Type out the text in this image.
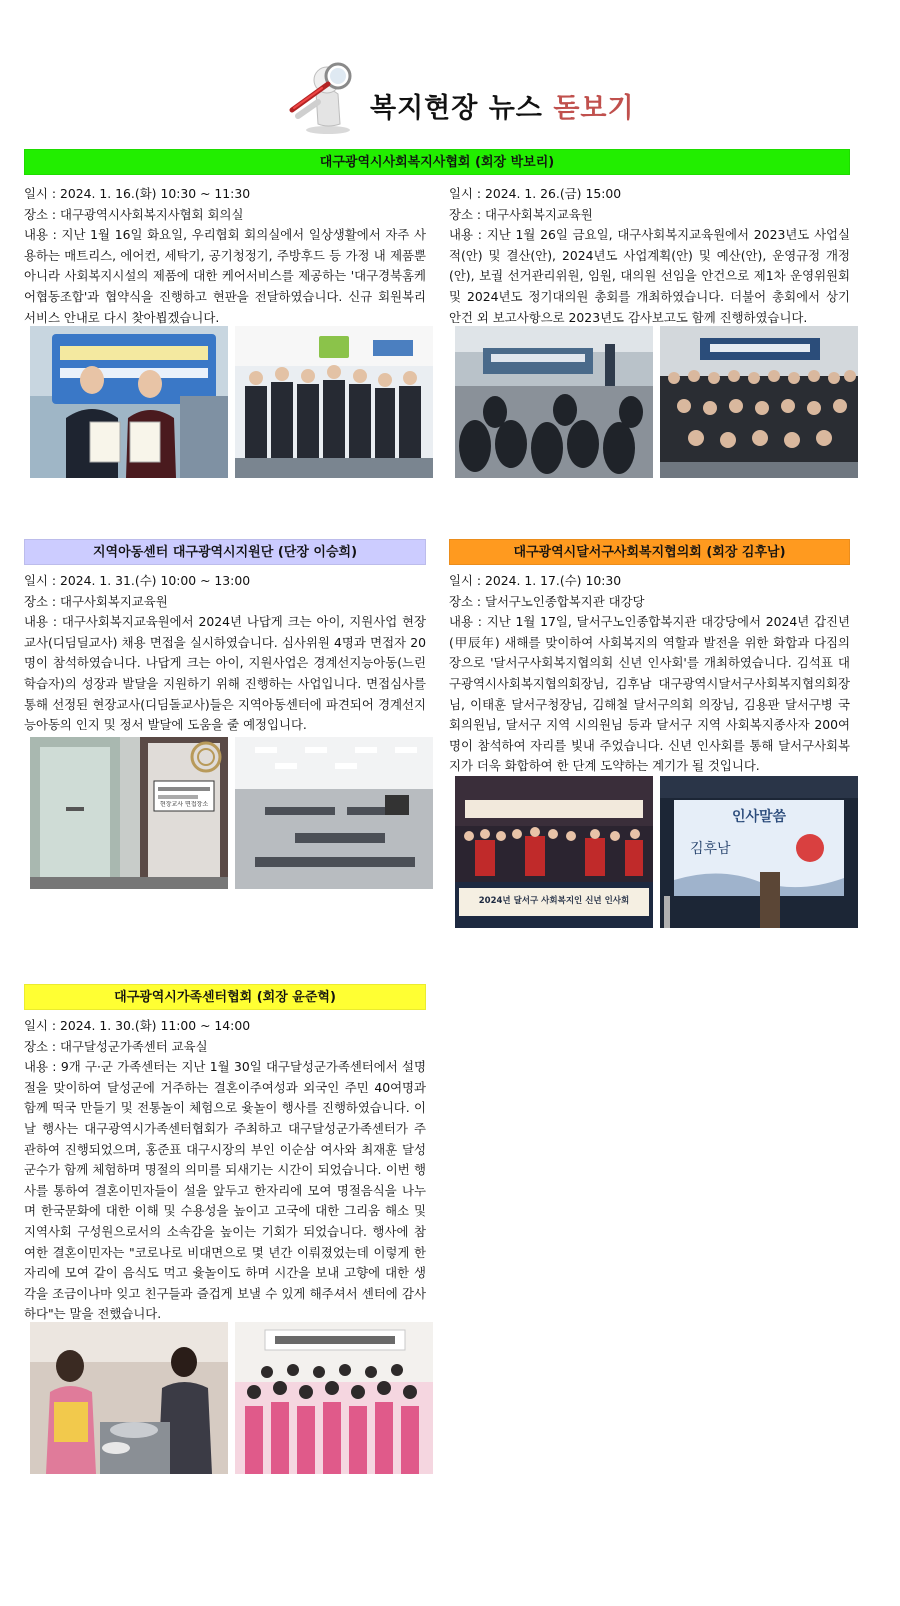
복지현장 뉴스 돋보기
대구광역시사회복지사협회 (회장 박보리)

일시 : 2024. 1. 16.(화) 10:30 ~ 11:30

장소 : 대구광역시사회복지사협회 회의실

내용 : 지난 1월 16일 화요일, 우리협회 회의실에서 일상생활에서 자주 사용하는 매트리스, 에어컨, 세탁기, 공기청정기, 주방후드 등 가정 내 제품뿐 아니라 사회복지시설의 제품에 대한 케어서비스를 제공하는 '대구경북홈케어협동조합'과 협약식을 진행하고 현판을 전달하였습니다. 신규 회원복리 서비스 안내로 다시 찾아뵙겠습니다.

일시 : 2024. 1. 26.(금) 15:00

장소 : 대구사회복지교육원

내용 : 지난 1월 26일 금요일, 대구사회복지교육원에서 2023년도 사업실적(안) 및 결산(안), 2024년도 사업계획(안) 및 예산(안), 운영규정 개정(안), 보궐 선거관리위원, 임원, 대의원 선임을 안건으로 제1차 운영위원회 및 2024년도 정기대의원 총회를 개최하였습니다. 더불어 총회에서 상기 안건 외 보고사항으로 2023년도 감사보고도 함께 진행하였습니다.

지역아동센터 대구광역시지원단 (단장 이승희)

일시 : 2024. 1. 31.(수) 10:00 ~ 13:00

장소 : 대구사회복지교육원

내용 : 대구사회복지교육원에서 2024년 나답게 크는 아이, 지원사업 현장교사(디딤딜교사) 채용 면접을 실시하였습니다. 심사위원 4명과 면접자 20명이 참석하였습니다. 나답게 크는 아이, 지원사업은 경계선지능아동(느린학습자)의 성장과 발달을 지원하기 위해 진행하는 사업입니다. 면접심사를 통해 선정된 현장교사(디딤돌교사)들은 지역아동센터에 파견되어 경계선지능아동의 인지 및 정서 발달에 도움을 줄 예정입니다.

현장교사 면접장소
대구광역시달서구사회복지협의회 (회장 김후남)

일시 : 2024. 1. 17.(수) 10:30

장소 : 달서구노인종합복지관 대강당

내용 : 지난 1월 17일, 달서구노인종합복지관 대강당에서 2024년 갑진년(甲辰年) 새해를 맞이하여 사회복지의 역할과 발전을 위한 화합과 다짐의 장으로 '달서구사회복지협의회 신년 인사회'를 개최하였습니다. 김석표 대구광역시사회복지협의회장님, 김후남 대구광역시달서구사회복지협의회장님, 이태훈 달서구청장님, 김해철 달서구의회 의장님, 김용판 달서구병 국회의원님, 달서구 지역 시의원님 등과 달서구 지역 사회복지종사자 200여 명이 참석하여 자리를 빛내 주었습니다. 신년 인사회를 통해 달서구사회복지가 더욱 화합하여 한 단계 도약하는 계기가 될 것입니다.

2024년 달서구 사회복지인 신년 인사회
인사말씀
김후남
대구광역시가족센터협회 (회장 윤준혁)

일시 : 2024. 1. 30.(화) 11:00 ~ 14:00

장소 : 대구달성군가족센터 교육실

내용 : 9개 구·군 가족센터는 지난 1월 30일 대구달성군가족센터에서 설명절을 맞이하여 달성군에 거주하는 결혼이주여성과 외국인 주민 40여명과 함께 떡국 만들기 및 전통놀이 체험으로 윷놀이 행사를 진행하였습니다. 이날 행사는 대구광역시가족센터협회가 주최하고 대구달성군가족센터가 주관하여 진행되었으며, 홍준표 대구시장의 부인 이순삼 여사와 최재훈 달성군수가 함께 체험하며 명절의 의미를 되새기는 시간이 되었습니다. 이번 행사를 통하여 결혼이민자들이 설을 앞두고 한자리에 모여 명절음식을 나누며 한국문화에 대한 이해 및 수용성을 높이고 고국에 대한 그리움 해소 및 지역사회 구성원으로서의 소속감을 높이는 기회가 되었습니다. 행사에 참여한 결혼이민자는 "코로나로 비대면으로 몇 년간 이뤄졌었는데 이렇게 한자리에 모여 같이 음식도 먹고 윷놀이도 하며 시간을 보내 고향에 대한 생각을 조금이나마 잊고 친구들과 즐겁게 보낼 수 있게 해주셔서 센터에 감사하다"는 말을 전했습니다.
